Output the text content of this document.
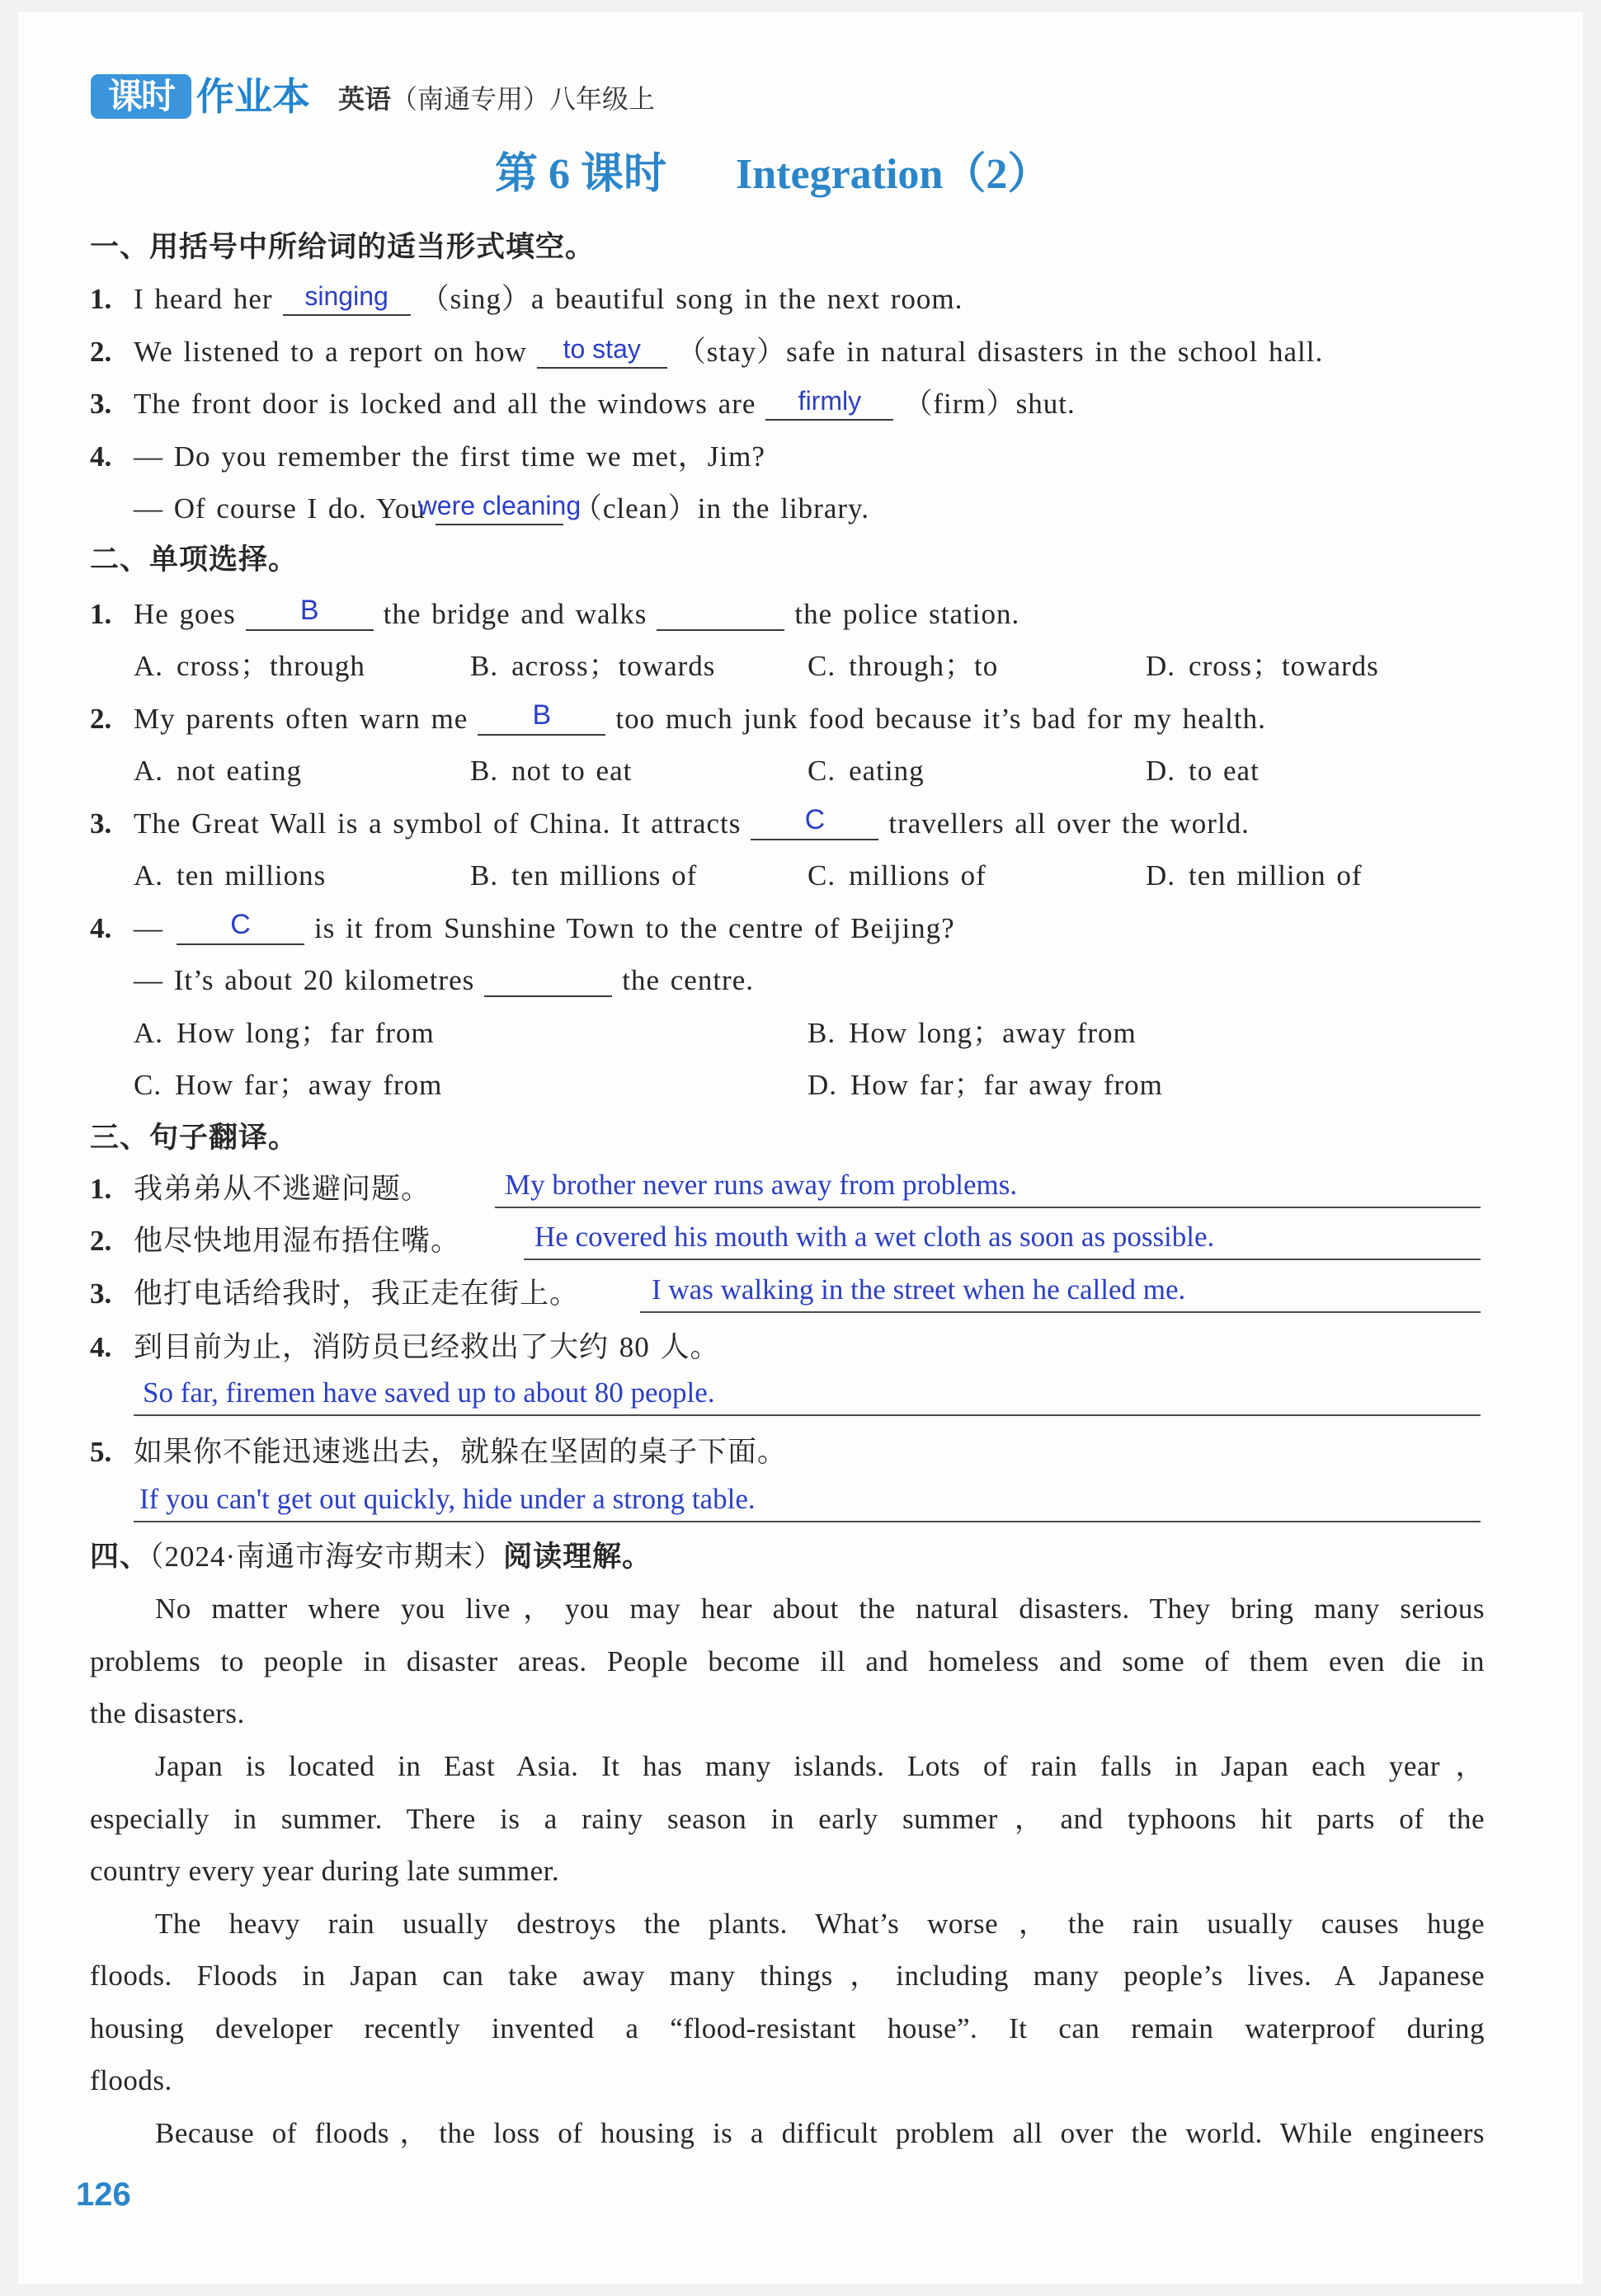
课时 作业本 英语（南通专用）八年级上
第 6 课时 Integration（2）
一、用括号中所给词的适当形式填空。
1. I heard her singing （sing）a beautiful song in the next room.
2. We listened to a report on how to stay （stay）safe in natural disasters in the school hall.
3. The front door is locked and all the windows are firmly （firm）shut.
4. — Do you remember the first time we met，Jim?
— Of course I do. You
were cleaning
（clean）in the library.
二、单项选择。
1. He goes B the bridge and walks	the police station.
A. cross；through	B. across；towards	C. through；to	D. cross；towards
2. My parents often warn me B too much junk food because it’s bad for my health.
A. not eating	B. not to eat	C. eating	D. to eat
3. The Great Wall is a symbol of China. It attracts C travellers all over the world.
A. ten millions	B. ten millions of	C. millions of	D. ten million of
4. — C is it from Sunshine Town to the centre of Beijing?
— It’s about 20 kilometres	the centre.
A. How long；far from	B. How long；away from
C. How far；away from	D. How far；far away from
三、句子翻译。
1. 我弟弟从不逃避问题。	My brother never runs away from problems.
2. 他尽快地用湿布捂住嘴。	He covered his mouth with a wet cloth as soon as possible.
3. 他打电话给我时，我正走在街上。	I was walking in the street when he called me.
4. 到目前为止，消防员已经救出了大约 80 人。
So far, firemen have saved up to about 80 people.
5. 如果你不能迅速逃出去，就躲在坚固的桌子下面。
If you can't get out quickly, hide under a strong table.
四、（2024·南通市海安市期末）阅读理解。
No matter where you live，you may hear about the natural disasters. They bring many serious
problems to people in disaster areas. People become ill and homeless and some of them even die in
the disasters.
Japan is located in East Asia. It has many islands. Lots of rain falls in Japan each year，
especially in summer. There is a rainy season in early summer，and typhoons hit parts of the
country every year during late summer.
The heavy rain usually destroys the plants. What’s worse，the rain usually causes huge
floods. Floods in Japan can take away many things，including many people’s lives. A Japanese
housing developer recently invented a “flood-resistant house”. It can remain waterproof during
floods.
Because of floods，the loss of housing is a difficult problem all over the world. While engineers
126
